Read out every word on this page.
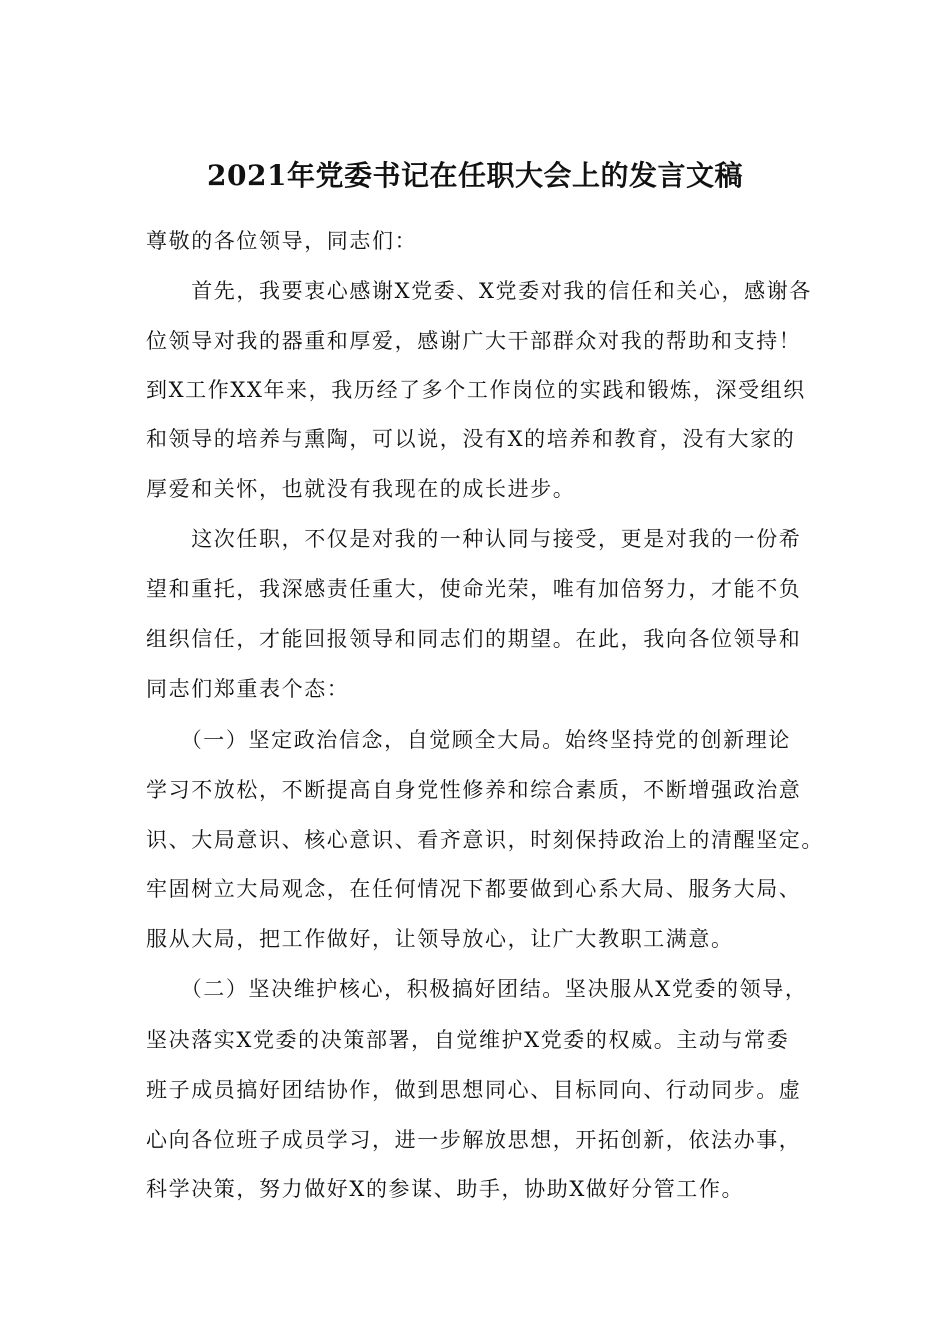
2021年党委书记在任职大会上的发言文稿
尊敬的各位领导，同志们：
　　首先，我要衷心感谢X党委、X党委对我的信任和关心，感谢各
位领导对我的器重和厚爱，感谢广大干部群众对我的帮助和支持！
到X工作XX年来，我历经了多个工作岗位的实践和锻炼，深受组织
和领导的培养与熏陶，可以说，没有X的培养和教育，没有大家的
厚爱和关怀，也就没有我现在的成长进步。
　　这次任职，不仅是对我的一种认同与接受，更是对我的一份希
望和重托，我深感责任重大，使命光荣，唯有加倍努力，才能不负
组织信任，才能回报领导和同志们的期望。在此，我向各位领导和
同志们郑重表个态：
　　（一）坚定政治信念，自觉顾全大局。始终坚持党的创新理论
学习不放松，不断提高自身党性修养和综合素质，不断增强政治意
识、大局意识、核心意识、看齐意识，时刻保持政治上的清醒坚定。
牢固树立大局观念，在任何情况下都要做到心系大局、服务大局、
服从大局，把工作做好，让领导放心，让广大教职工满意。
　　（二）坚决维护核心，积极搞好团结。坚决服从X党委的领导，
坚决落实X党委的决策部署，自觉维护X党委的权威。主动与常委
班子成员搞好团结协作，做到思想同心、目标同向、行动同步。虚
心向各位班子成员学习，进一步解放思想，开拓创新，依法办事，
科学决策，努力做好X的参谋、助手，协助X做好分管工作。
